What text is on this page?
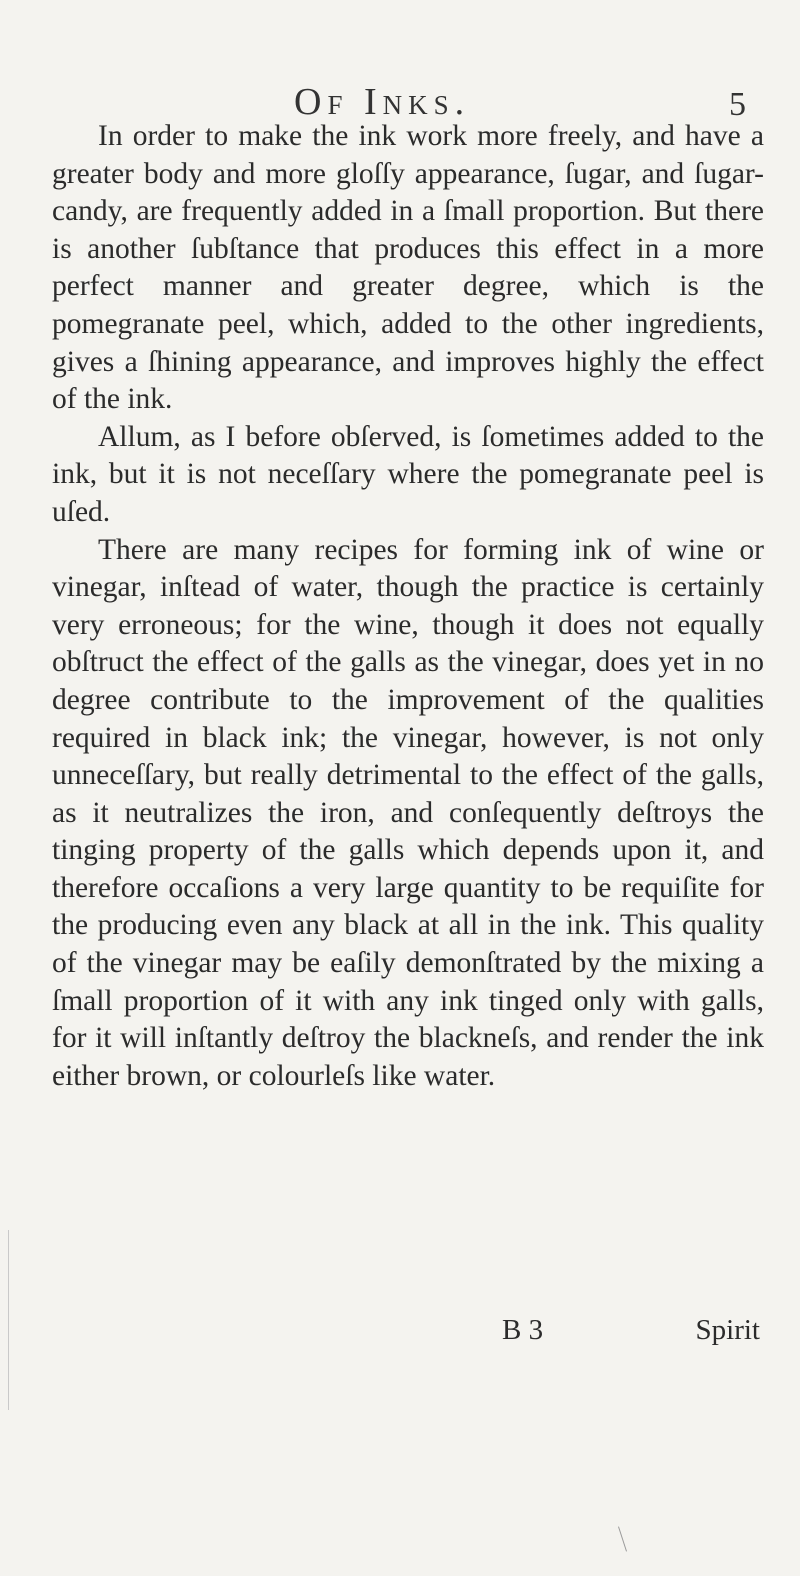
Of Inks.	5

In order to make the ink work more freely, and have a greater body and more gloſſy appearance, ſugar, and ſugar-candy, are frequently added in a ſmall proportion. But there is another ſubſtance that produces this effect in a more perfect manner and greater degree, which is the pomegranate peel, which, added to the other ingredients, gives a ſhining appearance, and improves highly the effect of the ink.

Allum, as I before obſerved, is ſometimes added to the ink, but it is not neceſſary where the pomegranate peel is uſed.

There are many recipes for forming ink of wine or vinegar, inſtead of water, though the practice is certainly very erroneous; for the wine, though it does not equally obſtruct the effect of the galls as the vinegar, does yet in no degree contribute to the improvement of the qualities required in black ink; the vinegar, however, is not only unneceſſary, but really detrimental to the effect of the galls, as it neutralizes the iron, and conſequently deſtroys the tinging property of the galls which depends upon it, and therefore occaſions a very large quantity to be requiſite for the producing even any black at all in the ink. This quality of the vinegar may be eaſily demonſtrated by the mixing a ſmall proportion of it with any ink tinged only with galls, for it will inſtantly deſtroy the blackneſs, and render the ink either brown, or colourleſs like water.

B 3	Spirit
